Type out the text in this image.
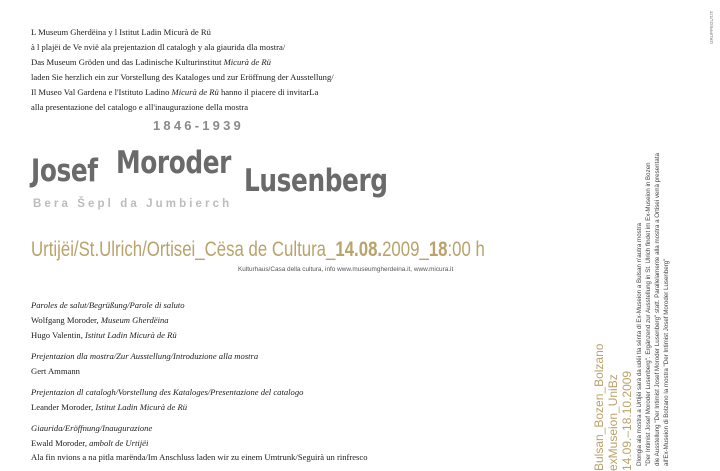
L Museum Gherdëina y l Istitut Ladin Micurà de Rü
à l plajëi de Ve nvië ala prejentazion dl catalogh y ala giaurida dla mostra/
Das Museum Gröden und das Ladinische Kulturinstitut Micurà de Rü
laden Sie herzlich ein zur Vorstellung des Kataloges und zur Eröffnung der Ausstellung/
Il Museo Val Gardena e l'Istituto Ladino Micurà de Rü hanno il piacere di invitarLa
alla presentazione del catalogo e all'inaugurazione della mostra
1846-1939
Josef Moroder Lusenberg
Bera Šepl da Jumbierch
Urtijëi/St.Ulrich/Ortisei_Cësa de Cultura_14.08.2009_18:00 h
Kulturhaus/Casa della cultura, info www.museumgherdeina.it, www.micura.it
Paroles de salut/Begrüßung/Parole di saluto
Wolfgang Moroder, Museum Gherdëina
Hugo Valentin, Istitut Ladin Micurà de Rü
Prejentazion dla mostra/Zur Ausstellung/Introduzione alla mostra
Gert Ammann
Prejentazion dl catalogh/Vorstellung des Kataloges/Presentazione del catalogo
Leander Moroder, Istitut Ladin Micurà de Rü
Giaurida/Eröffnung/Inaugurazione
Ewald Moroder, ambolt de Urtijëi
Ala fin nvions a na pitla marënda/Im Anschluss laden wir zu einem Umtrunk/Seguirà un rinfresco	Bulsan_Bozen_Bolzano exMuseion_UniBz 14.09.–18.10.2009 Dlongia ala mostra a Urtijëi sarà da udëi tla sënta dl Ex-Museion a Bulsan n'autra mostra "Der Intimist Josef Moroder Lusenberg". Ergänzend zur Ausstellung in St. Ulrich findet im Ex-Museion in Bozen die Ausstellung "Der Intimist Josef Moroder Lusenberg" statt. Parallelamente alla mostra a Ortisei verrà presentata all'Ex-Museion di Bolzano la mostra "Der Intimist Josef Moroder Lusenberg"
GRUPPEGUT.IT
